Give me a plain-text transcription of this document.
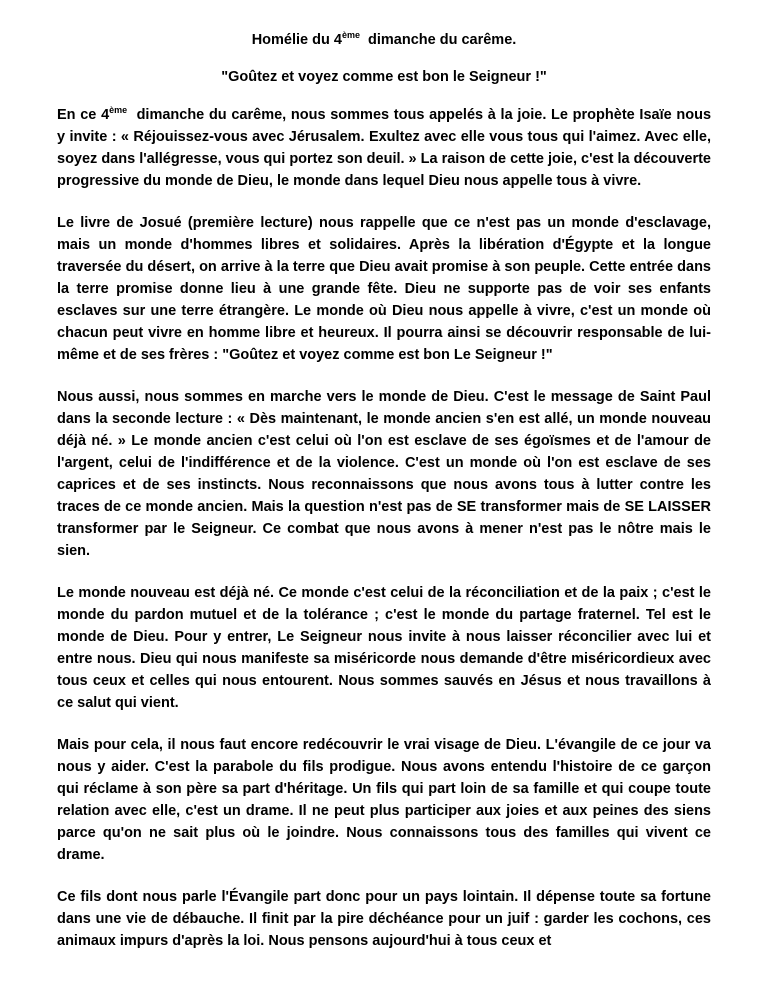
Homélie du 4ème  dimanche du carême.
"Goûtez et voyez comme est bon le Seigneur !"

En ce 4ème  dimanche du carême, nous sommes tous appelés à la joie. Le prophète Isaïe nous y invite : « Réjouissez-vous avec Jérusalem. Exultez avec elle vous tous qui l'aimez. Avec elle, soyez dans l'allégresse, vous qui portez son deuil. » La raison de cette joie, c'est la découverte progressive du monde de Dieu, le monde dans lequel Dieu nous appelle tous à vivre.

Le livre de Josué (première lecture) nous rappelle que ce n'est pas un monde d'esclavage, mais un monde d'hommes libres et solidaires. Après la libération d'Égypte et la longue traversée du désert, on arrive à la terre que Dieu avait promise à son peuple. Cette entrée dans la terre promise donne lieu à une grande fête. Dieu ne supporte pas de voir ses enfants esclaves sur une terre étrangère. Le monde où Dieu nous appelle à vivre, c'est un monde où chacun peut vivre en homme libre et heureux. Il pourra ainsi se découvrir responsable de lui-même et de ses frères : "Goûtez et voyez comme est bon Le Seigneur !"

Nous aussi, nous sommes en marche vers le monde de Dieu. C'est le message de Saint Paul dans la seconde lecture : « Dès maintenant, le monde ancien s'en est allé, un monde nouveau déjà né. » Le monde ancien c'est celui où l'on est esclave de ses égoïsmes et de l'amour de l'argent, celui de l'indifférence et de la violence. C'est un monde où l'on est esclave de ses caprices et de ses instincts. Nous reconnaissons que nous avons tous à lutter contre les traces de ce monde ancien. Mais la question n'est pas de SE transformer mais de SE LAISSER transformer par le Seigneur. Ce combat que nous avons à mener n'est pas le nôtre mais le sien.

Le monde nouveau est déjà né. Ce monde c'est celui de la réconciliation et de la paix ; c'est le monde du pardon mutuel et de la tolérance ; c'est le monde du partage fraternel. Tel est le monde de Dieu. Pour y entrer, Le Seigneur nous invite à nous laisser réconcilier avec lui et entre nous. Dieu qui nous manifeste sa miséricorde nous demande d'être miséricordieux avec tous ceux et celles qui nous entourent. Nous sommes sauvés en Jésus et nous travaillons à ce salut qui vient.

Mais pour cela, il nous faut encore redécouvrir le vrai visage de Dieu. L'évangile de ce jour va nous y aider. C'est la parabole du fils prodigue. Nous avons entendu l'histoire de ce garçon qui réclame à son père sa part d'héritage. Un fils qui part loin de sa famille et qui coupe toute relation avec elle, c'est un drame. Il ne peut plus participer aux joies et aux peines des siens parce qu'on ne sait plus où le joindre. Nous connaissons tous des familles qui vivent ce drame.

Ce fils dont nous parle l'Évangile part donc pour un pays lointain. Il dépense toute sa fortune dans une vie de débauche. Il finit par la pire déchéance pour un juif : garder les cochons, ces animaux impurs d'après la loi. Nous pensons aujourd'hui à tous ceux et
